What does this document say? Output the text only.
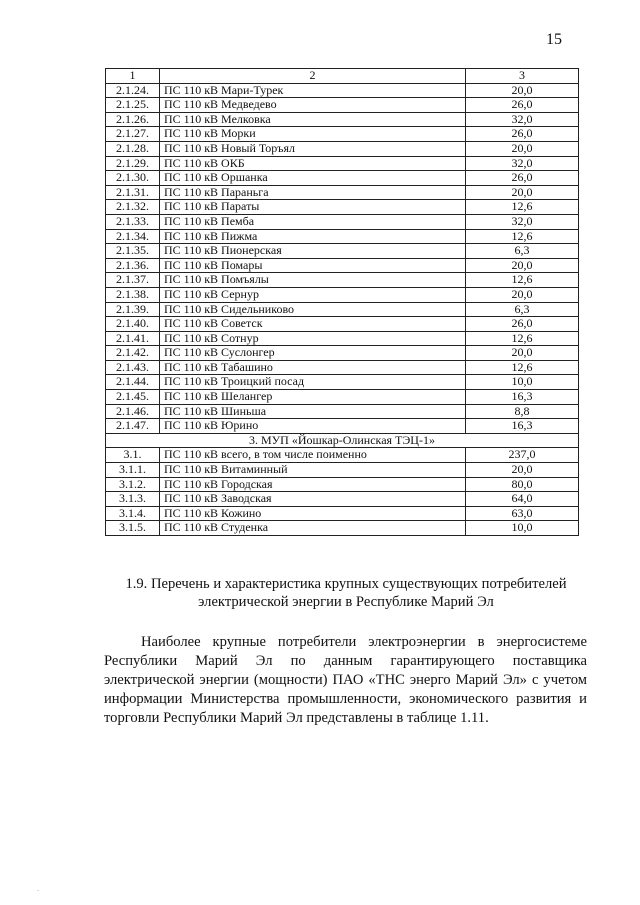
15
1	2	3
2.1.24.	ПС 110 кВ Мари-Турек	20,0
2.1.25.	ПС 110 кВ Медведево	26,0
2.1.26.	ПС 110 кВ Мелковка	32,0
2.1.27.	ПС 110 кВ Морки	26,0
2.1.28.	ПС 110 кВ Новый Торъял	20,0
2.1.29.	ПС 110 кВ ОКБ	32,0
2.1.30.	ПС 110 кВ Оршанка	26,0
2.1.31.	ПС 110 кВ Параньга	20,0
2.1.32.	ПС 110 кВ Параты	12,6
2.1.33.	ПС 110 кВ Пемба	32,0
2.1.34.	ПС 110 кВ Пижма	12,6
2.1.35.	ПС 110 кВ Пионерская	6,3
2.1.36.	ПС 110 кВ Помары	20,0
2.1.37.	ПС 110 кВ Помъялы	12,6
2.1.38.	ПС 110 кВ Сернур	20,0
2.1.39.	ПС 110 кВ Сидельниково	6,3
2.1.40.	ПС 110 кВ Советск	26,0
2.1.41.	ПС 110 кВ Сотнур	12,6
2.1.42.	ПС 110 кВ Суслонгер	20,0
2.1.43.	ПС 110 кВ Табашино	12,6
2.1.44.	ПС 110 кВ Троицкий посад	10,0
2.1.45.	ПС 110 кВ Шелангер	16,3
2.1.46.	ПС 110 кВ Шиньша	8,8
2.1.47.	ПС 110 кВ Юрино	16,3
3. МУП «Йошкар-Олинская ТЭЦ-1»		
3.1.	ПС 110 кВ всего, в том числе поименно	237,0
3.1.1.	ПС 110 кВ Витаминный	20,0
3.1.2.	ПС 110 кВ Городская	80,0
3.1.3.	ПС 110 кВ Заводская	64,0
3.1.4.	ПС 110 кВ Кожино	63,0
3.1.5.	ПС 110 кВ Студенка	10,0
1.9. Перечень и характеристика крупных существующих потребителей электрической энергии в Республике Марий Эл
Наиболее крупные потребители электроэнергии в энергосистеме Республики Марий Эл по данным гарантирующего поставщика электрической энергии (мощности) ПАО «ТНС энерго Марий Эл» с учетом информации Министерства промышленности, экономического развития и торговли Республики Марий Эл представлены в таблице 1.11.
.
